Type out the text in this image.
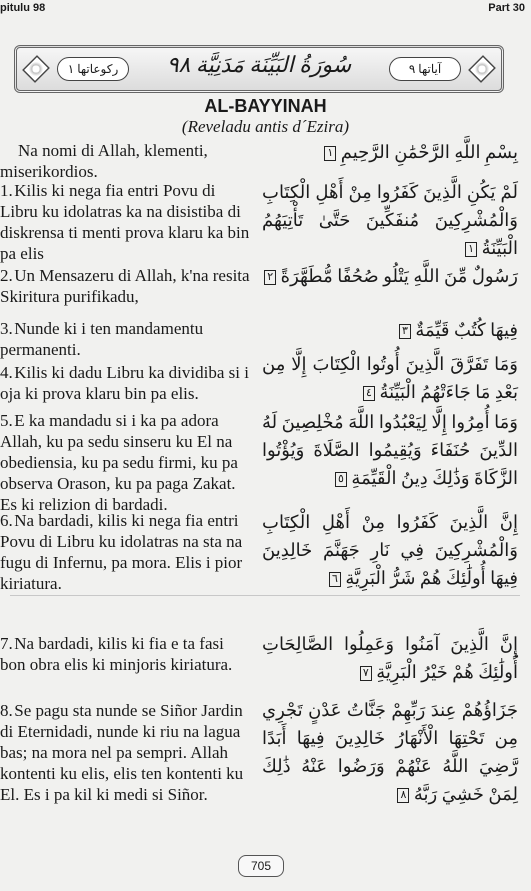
pitulu 98	Part 30
ركوعاتها ١	سُورَةُ البَيِّنَة مَدَنِيَّة ٩٨	آياتها ٩
AL-BAYYINAH
(Reveladu antis d´Ezira)
Na nomi di Allah, klementi, miserikordios.
1. Kilis ki nega fia entri Povu di Libru ku idolatras ka na disistiba di diskrensa ti menti prova klaru ka bin pa elis
2. Un Mensazeru di Allah, k'na resita Skiritura purifikadu,
3. Nunde ki i ten mandamentu permanenti.
4. Kilis ki dadu Libru ka dividiba si i oja ki prova klaru bin pa elis.
5. E ka mandadu si i ka pa adora Allah, ku pa sedu sinseru ku El na obediensia, ku pa sedu firmi, ku pa observa Orason, ku pa paga Zakat. Es ki relizion di bardadi.
6. Na bardadi, kilis ki nega fia entri Povu di Libru ku idolatras na sta na fugu di Infernu, pa mora. Elis i pior kiriatura.
7. Na bardadi, kilis ki fia e ta fasi bon obra elis ki minjoris kiriatura.
8. Se pagu sta nunde se Siñor Jardin di Eternidadi, nunde ki riu na lagua bas; na mora nel pa sempri. Allah kontenti ku elis, elis ten kontenti ku El. Es i pa kil ki medi si Siñor.
بِسْمِ اللَّهِ الرَّحْمَٰنِ الرَّحِيمِ ١
لَمْ يَكُنِ الَّذِينَ كَفَرُوا مِنْ أَهْلِ الْكِتَابِ وَالْمُشْرِكِينَ مُنفَكِّينَ حَتَّىٰ تَأْتِيَهُمُ الْبَيِّنَةُ ١
رَسُولٌ مِّنَ اللَّهِ يَتْلُو صُحُفًا مُّطَهَّرَةً ٢
فِيهَا كُتُبٌ قَيِّمَةٌ ٣
وَمَا تَفَرَّقَ الَّذِينَ أُوتُوا الْكِتَابَ إِلَّا مِن بَعْدِ مَا جَاءَتْهُمُ الْبَيِّنَةُ ٤
وَمَا أُمِرُوا إِلَّا لِيَعْبُدُوا اللَّهَ مُخْلِصِينَ لَهُ الدِّينَ حُنَفَاءَ وَيُقِيمُوا الصَّلَاةَ وَيُؤْتُوا الزَّكَاةَ وَذَٰلِكَ دِينُ الْقَيِّمَةِ ٥
إِنَّ الَّذِينَ كَفَرُوا مِنْ أَهْلِ الْكِتَابِ وَالْمُشْرِكِينَ فِي نَارِ جَهَنَّمَ خَالِدِينَ فِيهَا أُولَٰئِكَ هُمْ شَرُّ الْبَرِيَّةِ ٦
إِنَّ الَّذِينَ آمَنُوا وَعَمِلُوا الصَّالِحَاتِ أُولَٰئِكَ هُمْ خَيْرُ الْبَرِيَّةِ ٧
جَزَاؤُهُمْ عِندَ رَبِّهِمْ جَنَّاتُ عَدْنٍ تَجْرِي مِن تَحْتِهَا الْأَنْهَارُ خَالِدِينَ فِيهَا أَبَدًا رَّضِيَ اللَّهُ عَنْهُمْ وَرَضُوا عَنْهُ ذَٰلِكَ لِمَنْ خَشِيَ رَبَّهُ ٨
705
